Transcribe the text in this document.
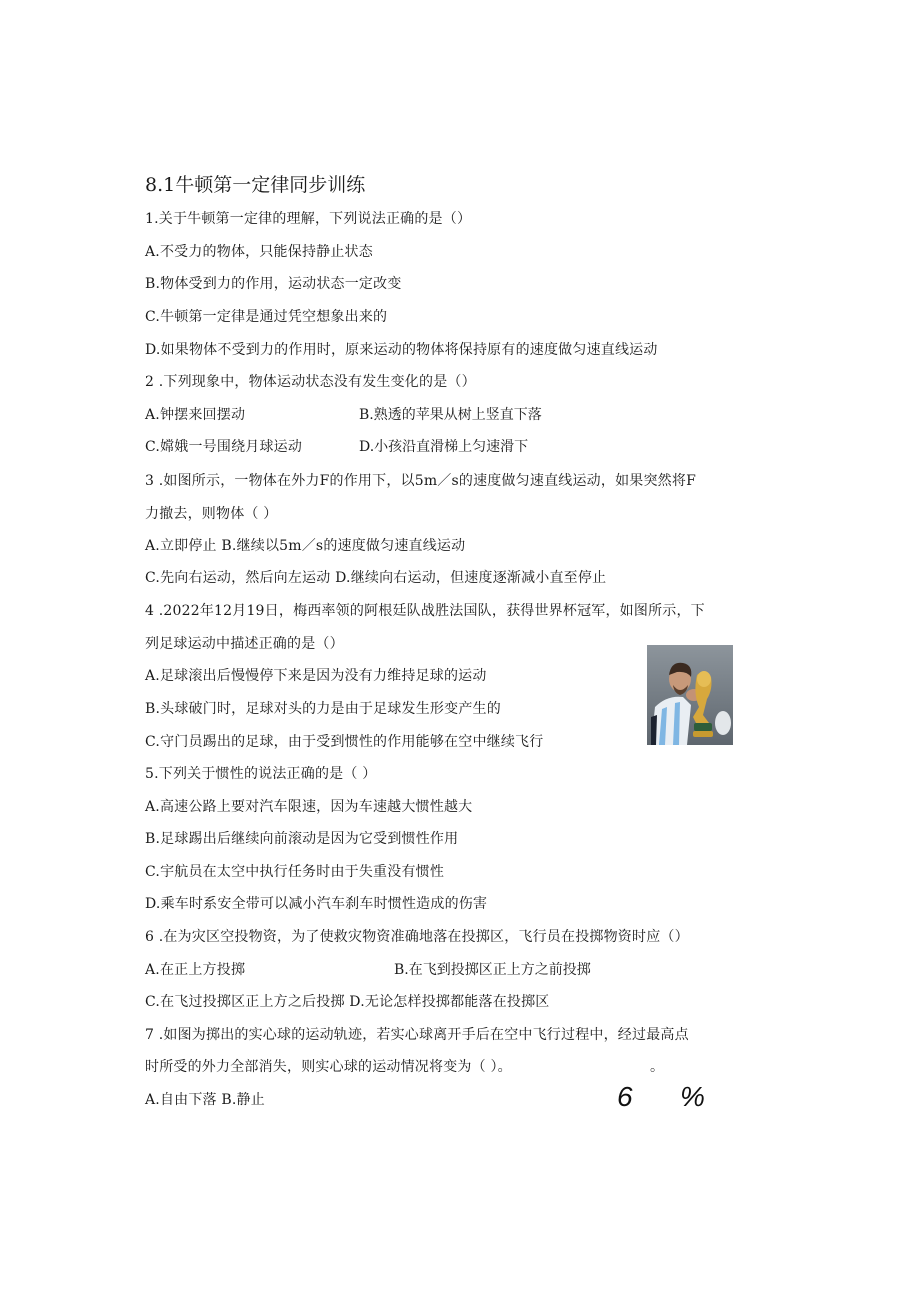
8.1牛顿第一定律同步训练
1.关于牛顿第一定律的理解，下列说法正确的是（）
A.不受力的物体，只能保持静止状态
B.物体受到力的作用，运动状态一定改变
C.牛顿第一定律是通过凭空想象出来的
D.如果物体不受到力的作用时，原来运动的物体将保持原有的速度做匀速直线运动
2 .下列现象中，物体运动状态没有发生变化的是（）
A.钟摆来回摆动	B.熟透的苹果从树上竖直下落
C.嫦娥一号围绕月球运动	D.小孩沿直滑梯上匀速滑下
3 .如图所示，一物体在外力F的作用下，以5m／s的速度做匀速直线运动，如果突然将F
力撤去，则物体（ ）
A.立即停止 B.继续以5m／s的速度做匀速直线运动
C.先向右运动，然后向左运动 D.继续向右运动，但速度逐渐减小直至停止
4 .2022年12月19日，梅西率领的阿根廷队战胜法国队，获得世界杯冠军，如图所示，下
列足球运动中描述正确的是（）
A.足球滚出后慢慢停下来是因为没有力维持足球的运动
B.头球破门时，足球对头的力是由于足球发生形变产生的
C.守门员踢出的足球，由于受到惯性的作用能够在空中继续飞行
5.下列关于惯性的说法正确的是（ ）
A.高速公路上要对汽车限速，因为车速越大惯性越大
B.足球踢出后继续向前滚动是因为它受到惯性作用
C.宇航员在太空中执行任务时由于失重没有惯性
D.乘车时系安全带可以减小汽车刹车时惯性造成的伤害
6 .在为灾区空投物资，为了使救灾物资准确地落在投掷区，飞行员在投掷物资时应（）
A.在正上方投掷	B.在飞到投掷区正上方之前投掷
C.在飞过投掷区正上方之后投掷 D.无论怎样投掷都能落在投掷区
7 .如图为掷出的实心球的运动轨迹，若实心球离开手后在空中飞行过程中，经过最高点
时所受的外力全部消失，则实心球的运动情况将变为（ ）。	。
A.自由下落 B.静止	6 %
